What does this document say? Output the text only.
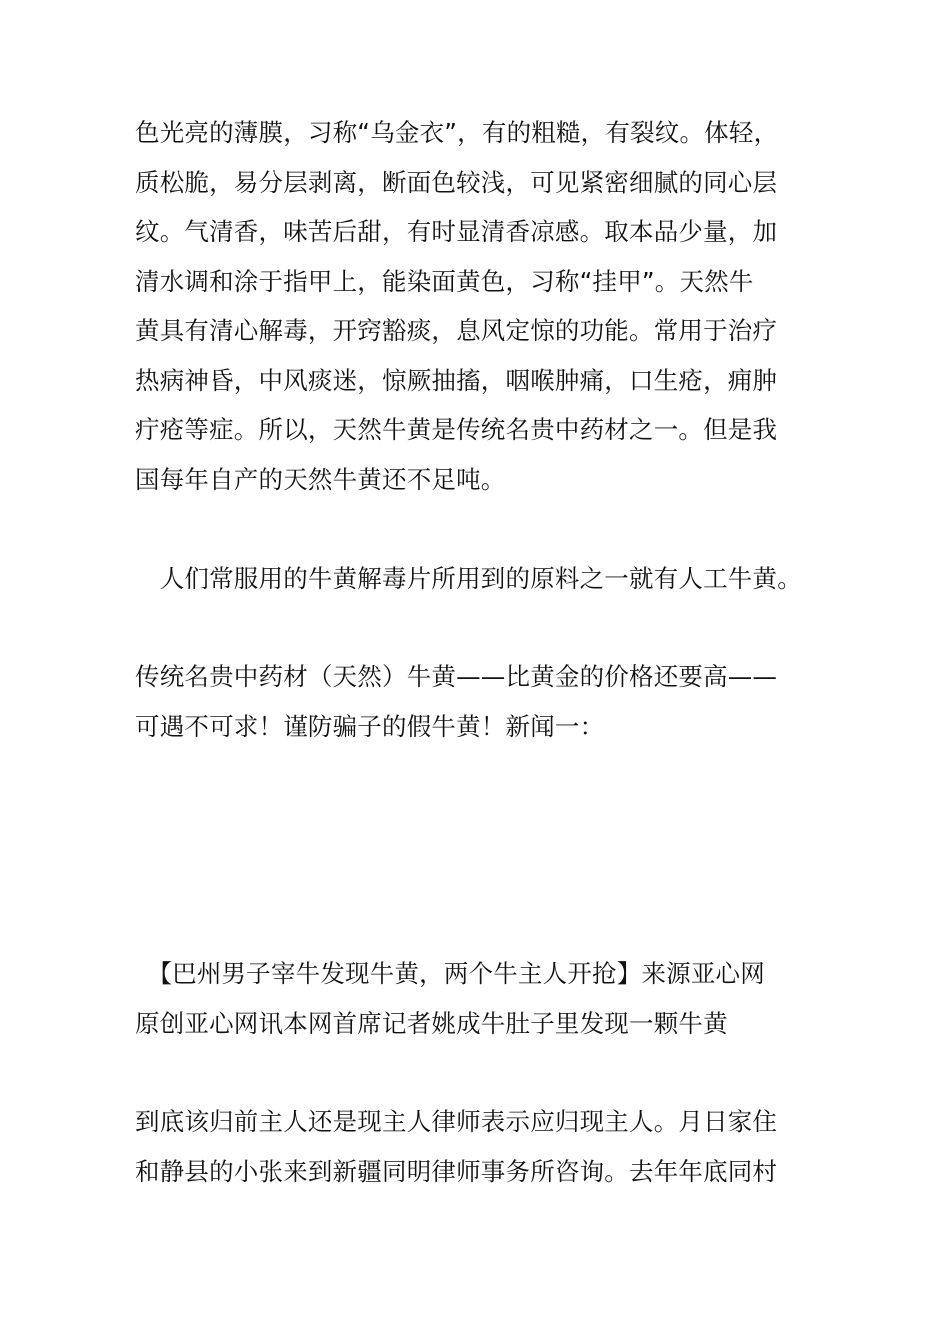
色光亮的薄膜，习称“乌金衣”，有的粗糙，有裂纹。体轻，
质松脆，易分层剥离，断面色较浅，可见紧密细腻的同心层
纹。气清香，味苦后甜，有时显清香凉感。取本品少量，加
清水调和涂于指甲上，能染面黄色，习称“挂甲”。天然牛
黄具有清心解毒，开窍豁痰，息风定惊的功能。常用于治疗
热病神昏，中风痰迷，惊厥抽搐，咽喉肿痛，口生疮，痈肿
疔疮等症。所以，天然牛黄是传统名贵中药材之一。但是我
国每年自产的天然牛黄还不足吨。
　人们常服用的牛黄解毒片所用到的原料之一就有人工牛黄。
传统名贵中药材（天然）牛黄——比黄金的价格还要高——
可遇不可求！谨防骗子的假牛黄！新闻一：
　【巴州男子宰牛发现牛黄，两个牛主人开抢】来源亚心网
原创亚心网讯本网首席记者姚成牛肚子里发现一颗牛黄
到底该归前主人还是现主人律师表示应归现主人。月日家住
和静县的小张来到新疆同明律师事务所咨询。去年年底同村
